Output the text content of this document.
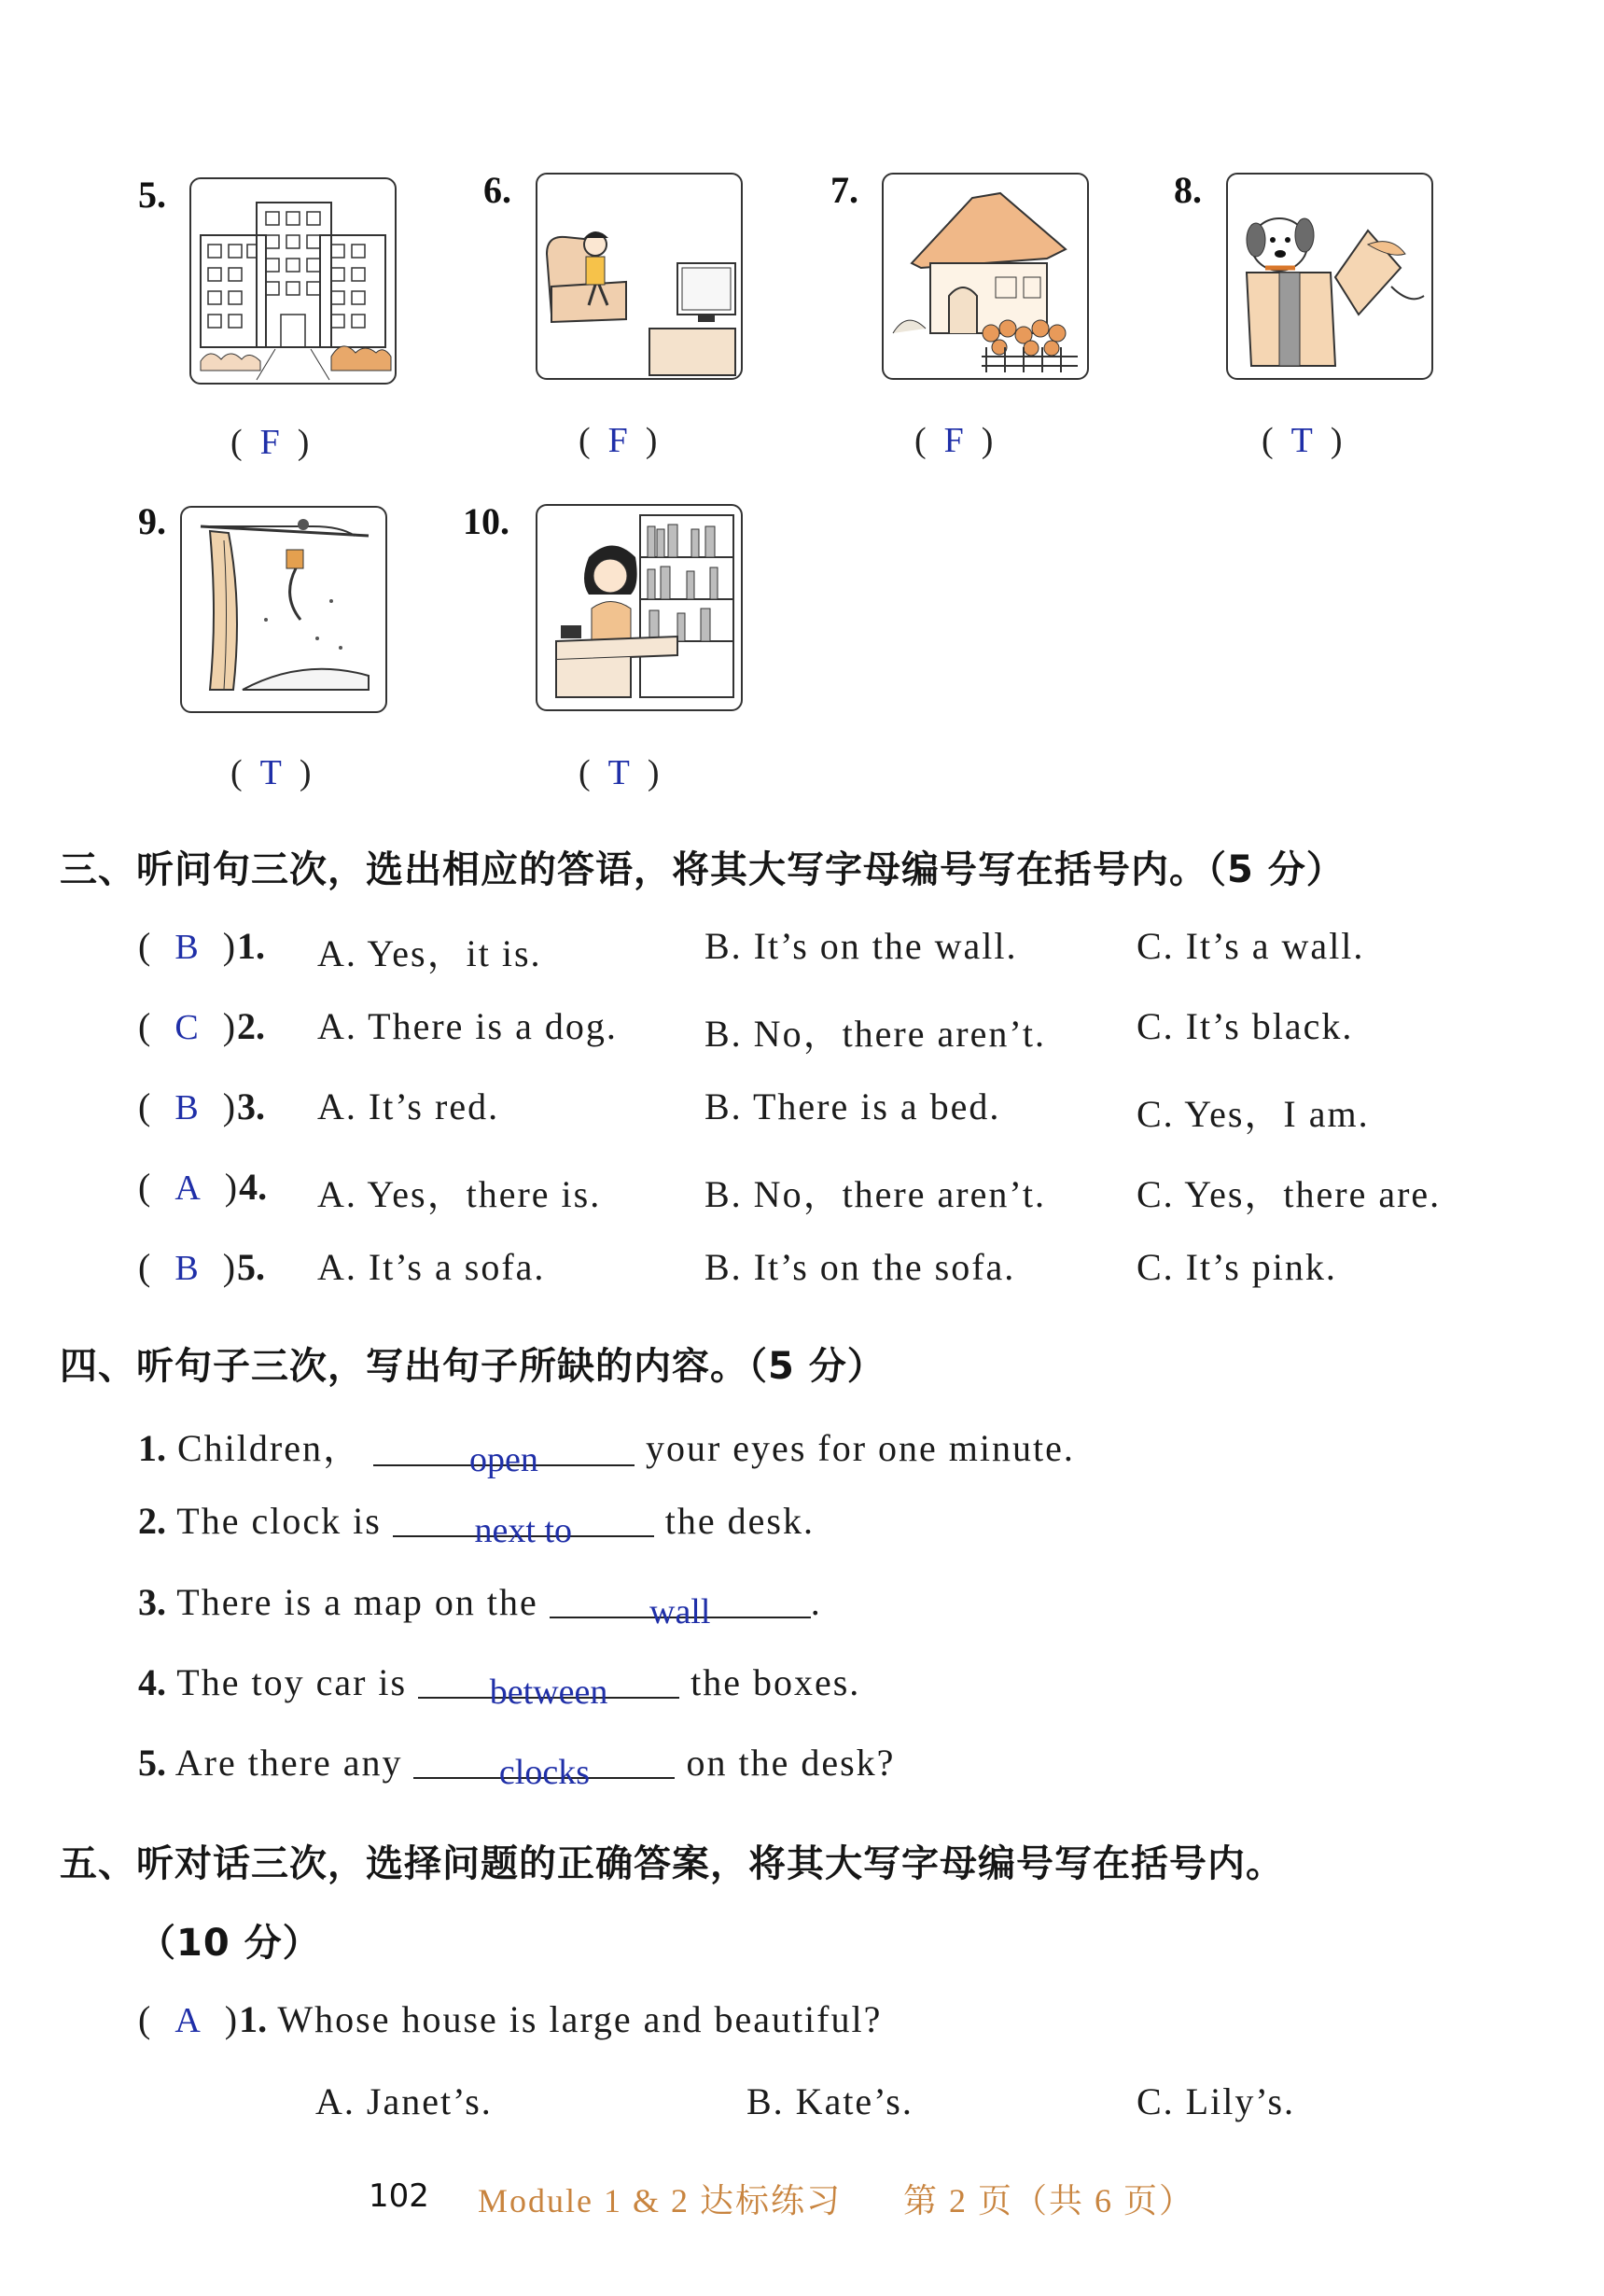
5.
( F )
6.
( F )
7.
( F )
8.
( T )
9.
( T )
10.
( T )
三、听问句三次，选出相应的答语，将其大写字母编号写在括号内。（5 分）
( B )1. A. Yes，it is.	B. It’s on the wall.	C. It’s a wall.
( C )2. A. There is a dog. B. No，there aren’t. C. It’s black.
( B )3. A. It’s red.	B. There is a bed.	C. Yes，I am.
( A )4. A. Yes，there is.	B. No，there aren’t. C. Yes，there are.
( B )5. A. It’s a sofa.	B. It’s on the sofa.	C. It’s pink.
四、听句子三次，写出句子所缺的内容。（5 分）
1. Children，	open	your eyes for one minute.
2. The clock is	next to the desk.
3. There is a map on the	wall	.
4. The toy car is between the boxes.
5. Are there any	clocks	on the desk?
五、听对话三次，选择问题的正确答案，将其大写字母编号写在括号内。
（10 分）
( A )1. Whose house is large and beautiful?
A. Janet’s.	B. Kate’s.	C. Lily’s.
102 Module 1 & 2 达标练习 第 2 页（共 6 页）
